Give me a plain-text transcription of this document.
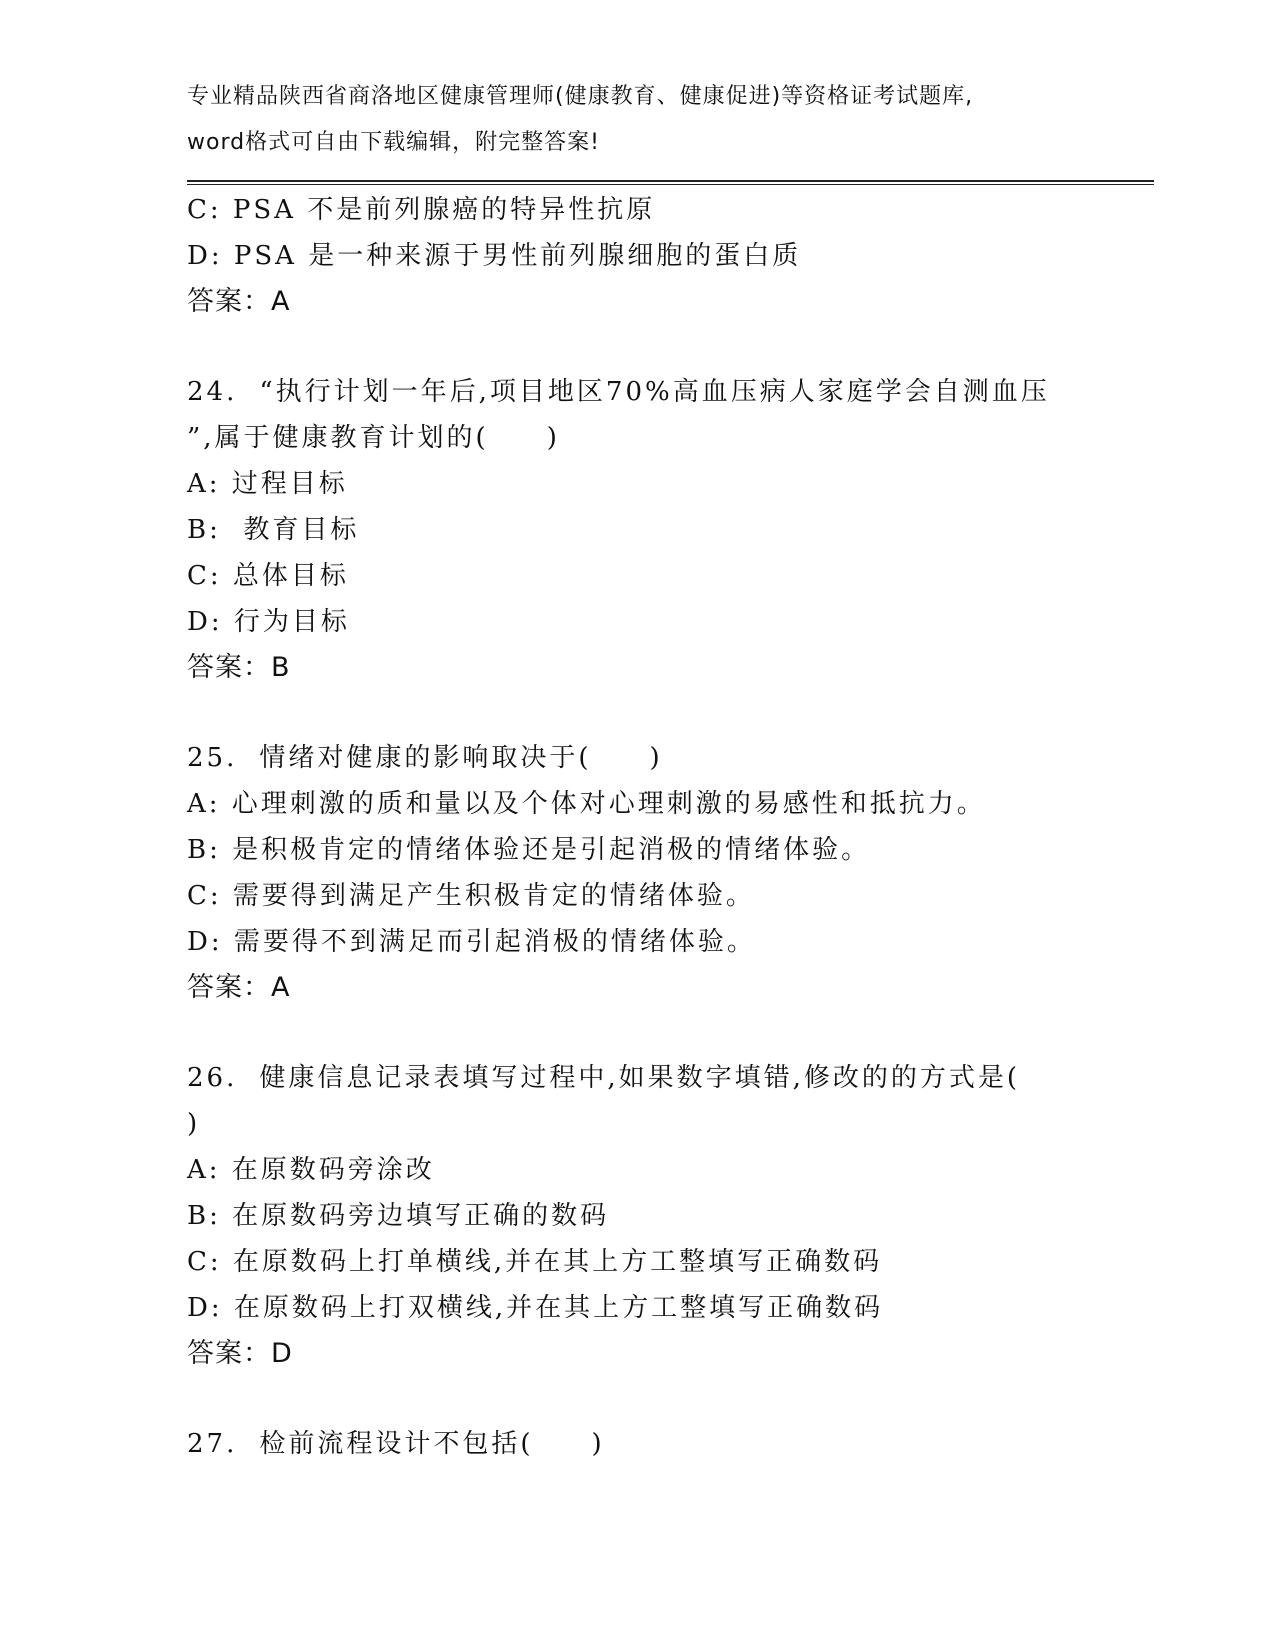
专业精品陕西省商洛地区健康管理师(健康教育、健康促进)等资格证考试题库,
word格式可自由下载编辑，附完整答案!
C: PSA 不是前列腺癌的特异性抗原
D: PSA 是一种来源于男性前列腺细胞的蛋白质
答案：A
24. “执行计划一年后,项目地区70%高血压病人家庭学会自测血压
”,属于健康教育计划的(　　)
A: 过程目标
B:  教育目标
C: 总体目标
D: 行为目标
答案：B
25. 情绪对健康的影响取决于(　　)
A: 心理刺激的质和量以及个体对心理刺激的易感性和抵抗力。
B: 是积极肯定的情绪体验还是引起消极的情绪体验。
C: 需要得到满足产生积极肯定的情绪体验。
D: 需要得不到满足而引起消极的情绪体验。
答案：A
26. 健康信息记录表填写过程中,如果数字填错,修改的的方式是(
)
A: 在原数码旁涂改
B: 在原数码旁边填写正确的数码
C: 在原数码上打单横线,并在其上方工整填写正确数码
D: 在原数码上打双横线,并在其上方工整填写正确数码
答案：D
27. 检前流程设计不包括(　　)
